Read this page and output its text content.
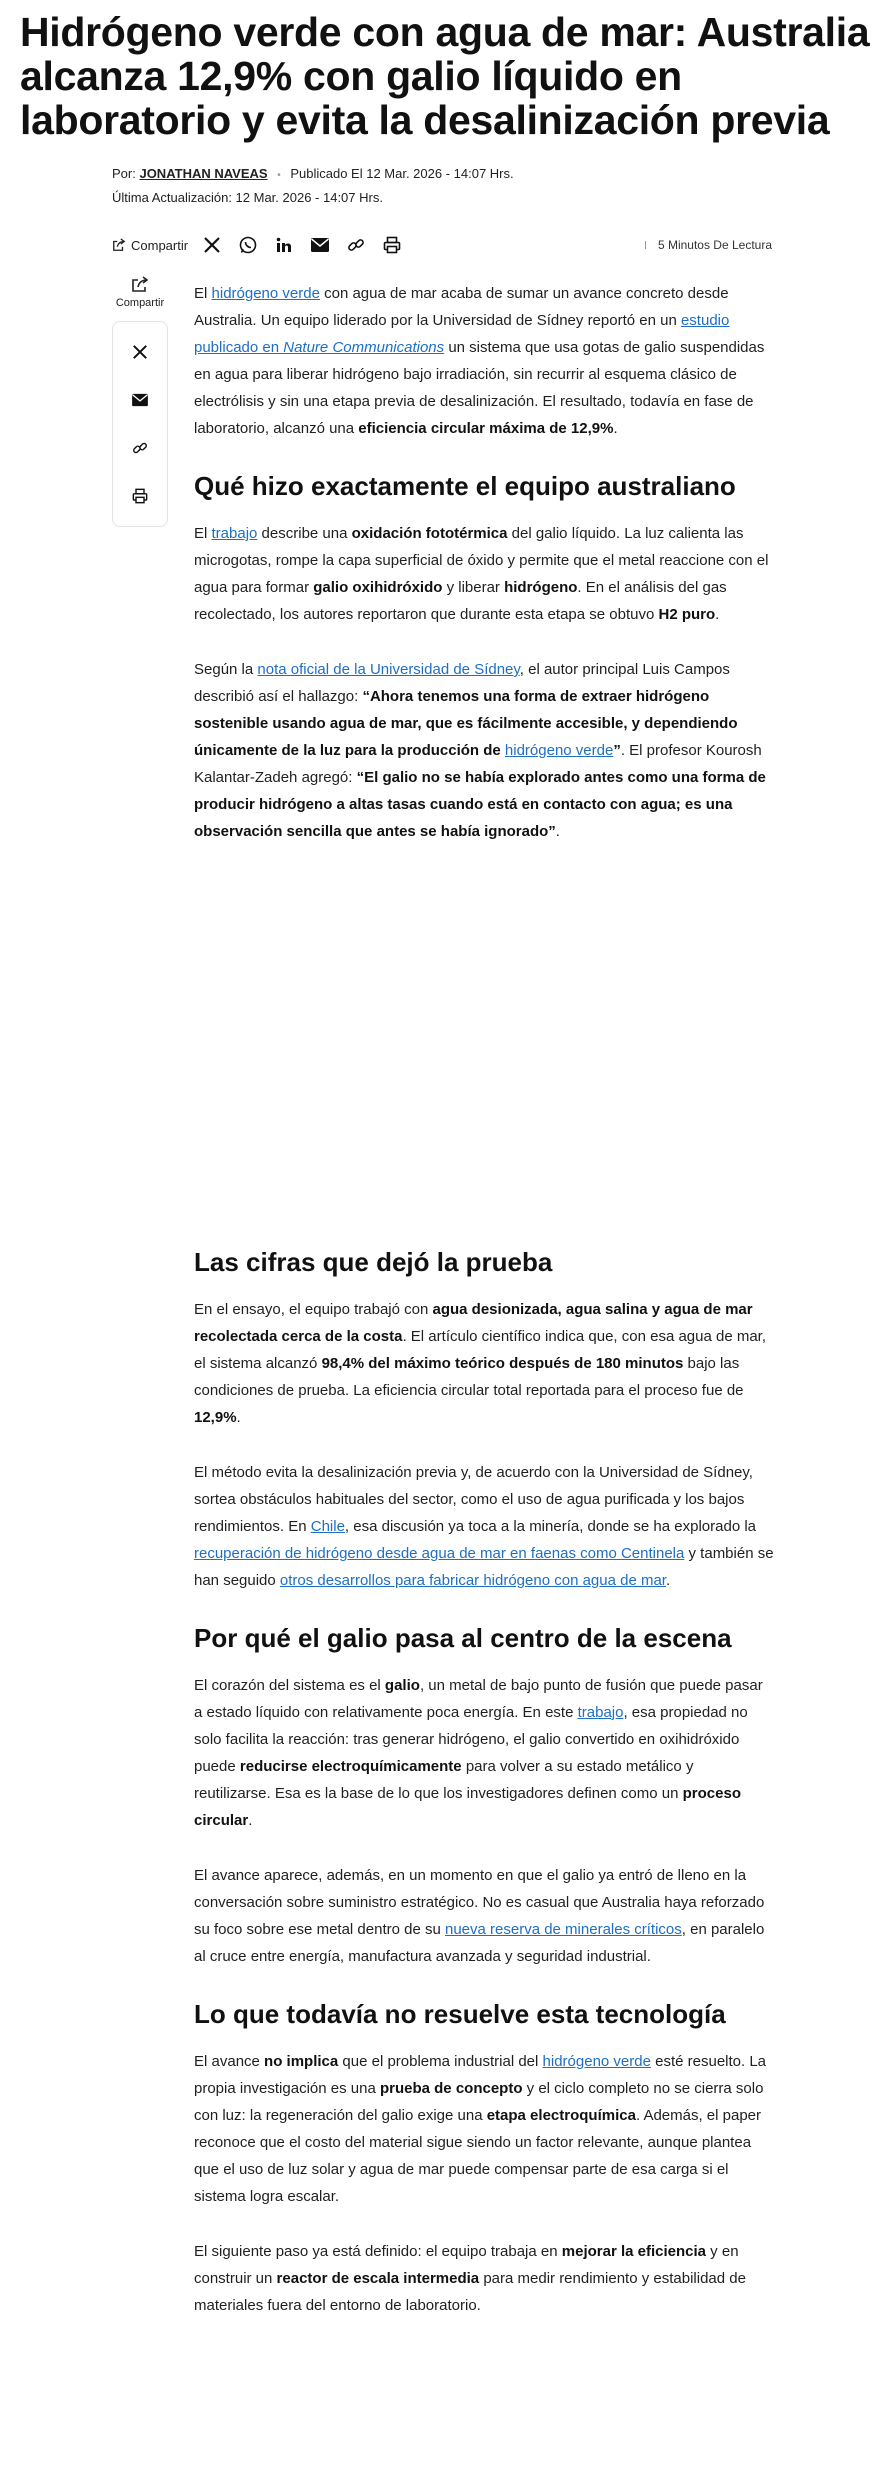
Hidrógeno verde con agua de mar: Australia alcanza 12,9% con galio líquido en laboratorio y evita la desalinización previa
Por: JONATHAN NAVEAS • Publicado El 12 Mar. 2026 - 14:07 Hrs.
Última Actualización: 12 Mar. 2026 - 14:07 Hrs.
Compartir	5 Minutos De Lectura
Compartir

El hidrógeno verde con agua de mar acaba de sumar un avance concreto desde Australia. Un equipo liderado por la Universidad de Sídney reportó en un estudio publicado en Nature Communications un sistema que usa gotas de galio suspendidas en agua para liberar hidrógeno bajo irradiación, sin recurrir al esquema clásico de electrólisis y sin una etapa previa de desalinización. El resultado, todavía en fase de laboratorio, alcanzó una eficiencia circular máxima de 12,9%.

Qué hizo exactamente el equipo australiano

El trabajo describe una oxidación fototérmica del galio líquido. La luz calienta las microgotas, rompe la capa superficial de óxido y permite que el metal reaccione con el agua para formar galio oxihidróxido y liberar hidrógeno. En el análisis del gas recolectado, los autores reportaron que durante esta etapa se obtuvo H2 puro.

Según la nota oficial de la Universidad de Sídney, el autor principal Luis Campos describió así el hallazgo: “Ahora tenemos una forma de extraer hidrógeno sostenible usando agua de mar, que es fácilmente accesible, y dependiendo únicamente de la luz para la producción de hidrógeno verde”. El profesor Kourosh Kalantar-Zadeh agregó: “El galio no se había explorado antes como una forma de producir hidrógeno a altas tasas cuando está en contacto con agua; es una observación sencilla que antes se había ignorado”.

Las cifras que dejó la prueba

En el ensayo, el equipo trabajó con agua desionizada, agua salina y agua de mar recolectada cerca de la costa. El artículo científico indica que, con esa agua de mar, el sistema alcanzó 98,4% del máximo teórico después de 180 minutos bajo las condiciones de prueba. La eficiencia circular total reportada para el proceso fue de 12,9%.

El método evita la desalinización previa y, de acuerdo con la Universidad de Sídney, sortea obstáculos habituales del sector, como el uso de agua purificada y los bajos rendimientos. En Chile, esa discusión ya toca a la minería, donde se ha explorado la recuperación de hidrógeno desde agua de mar en faenas como Centinela y también se han seguido otros desarrollos para fabricar hidrógeno con agua de mar.

Por qué el galio pasa al centro de la escena

El corazón del sistema es el galio, un metal de bajo punto de fusión que puede pasar a estado líquido con relativamente poca energía. En este trabajo, esa propiedad no solo facilita la reacción: tras generar hidrógeno, el galio convertido en oxihidróxido puede reducirse electroquímicamente para volver a su estado metálico y reutilizarse. Esa es la base de lo que los investigadores definen como un proceso circular.

El avance aparece, además, en un momento en que el galio ya entró de lleno en la conversación sobre suministro estratégico. No es casual que Australia haya reforzado su foco sobre ese metal dentro de su nueva reserva de minerales críticos, en paralelo al cruce entre energía, manufactura avanzada y seguridad industrial.

Lo que todavía no resuelve esta tecnología

El avance no implica que el problema industrial del hidrógeno verde esté resuelto. La propia investigación es una prueba de concepto y el ciclo completo no se cierra solo con luz: la regeneración del galio exige una etapa electroquímica. Además, el paper reconoce que el costo del material sigue siendo un factor relevante, aunque plantea que el uso de luz solar y agua de mar puede compensar parte de esa carga si el sistema logra escalar.

El siguiente paso ya está definido: el equipo trabaja en mejorar la eficiencia y en construir un reactor de escala intermedia para medir rendimiento y estabilidad de materiales fuera del entorno de laboratorio.
